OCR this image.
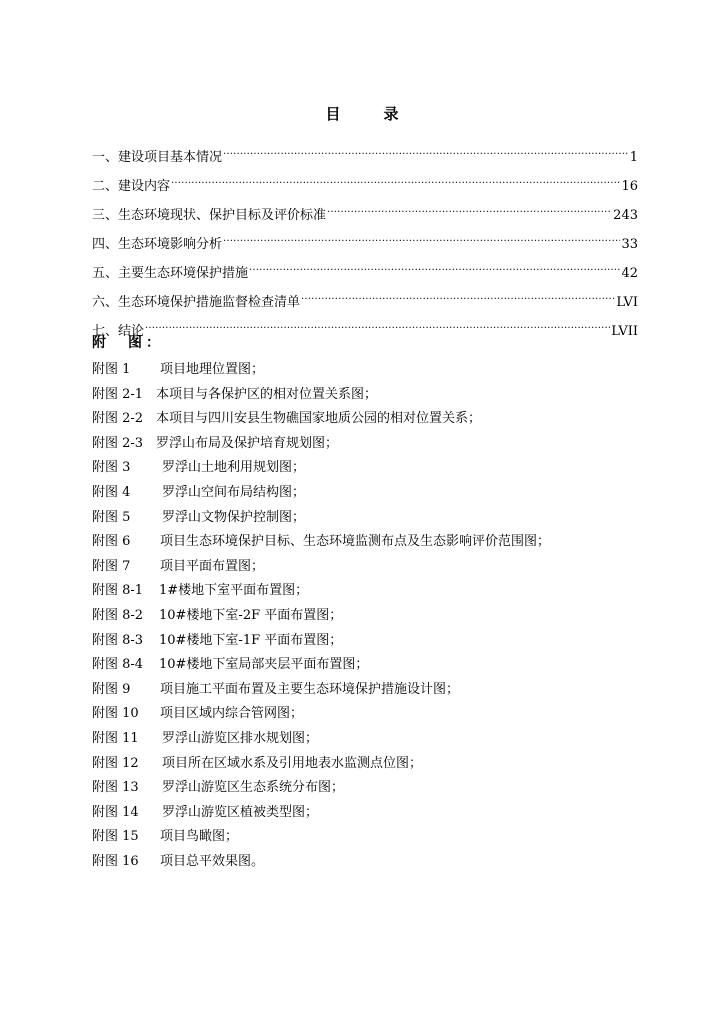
目　录
一、建设项目基本情况 .....	1
二、建设内容 .....	16
三、生态环境现状、保护目标及评价标准 .....	243
四、生态环境影响分析 .....	33
五、主要生态环境保护措施 .....	42
六、生态环境保护措施监督检查清单 .....	LVI
七、结论 .....	LVII
附　图：
附图 1 项目地理位置图；
附图 2-1 本项目与各保护区的相对位置关系图；
附图 2-2 本项目与四川安县生物礁国家地质公园的相对位置关系；
附图 2-3 罗浮山布局及保护培育规划图；
附图 3 罗浮山土地利用规划图；
附图 4 罗浮山空间布局结构图；
附图 5 罗浮山文物保护控制图；
附图 6 项目生态环境保护目标、生态环境监测布点及生态影响评价范围图；
附图 7 项目平面布置图；
附图 8-1 1#楼地下室平面布置图；
附图 8-2 10#楼地下室-2F 平面布置图；
附图 8-3 10#楼地下室-1F 平面布置图；
附图 8-4 10#楼地下室局部夹层平面布置图；
附图 9 项目施工平面布置及主要生态环境保护措施设计图；
附图 10 项目区域内综合管网图；
附图 11 罗浮山游览区排水规划图；
附图 12 项目所在区域水系及引用地表水监测点位图；
附图 13 罗浮山游览区生态系统分布图；
附图 14 罗浮山游览区植被类型图；
附图 15 项目鸟瞰图；
附图 16 项目总平效果图。
